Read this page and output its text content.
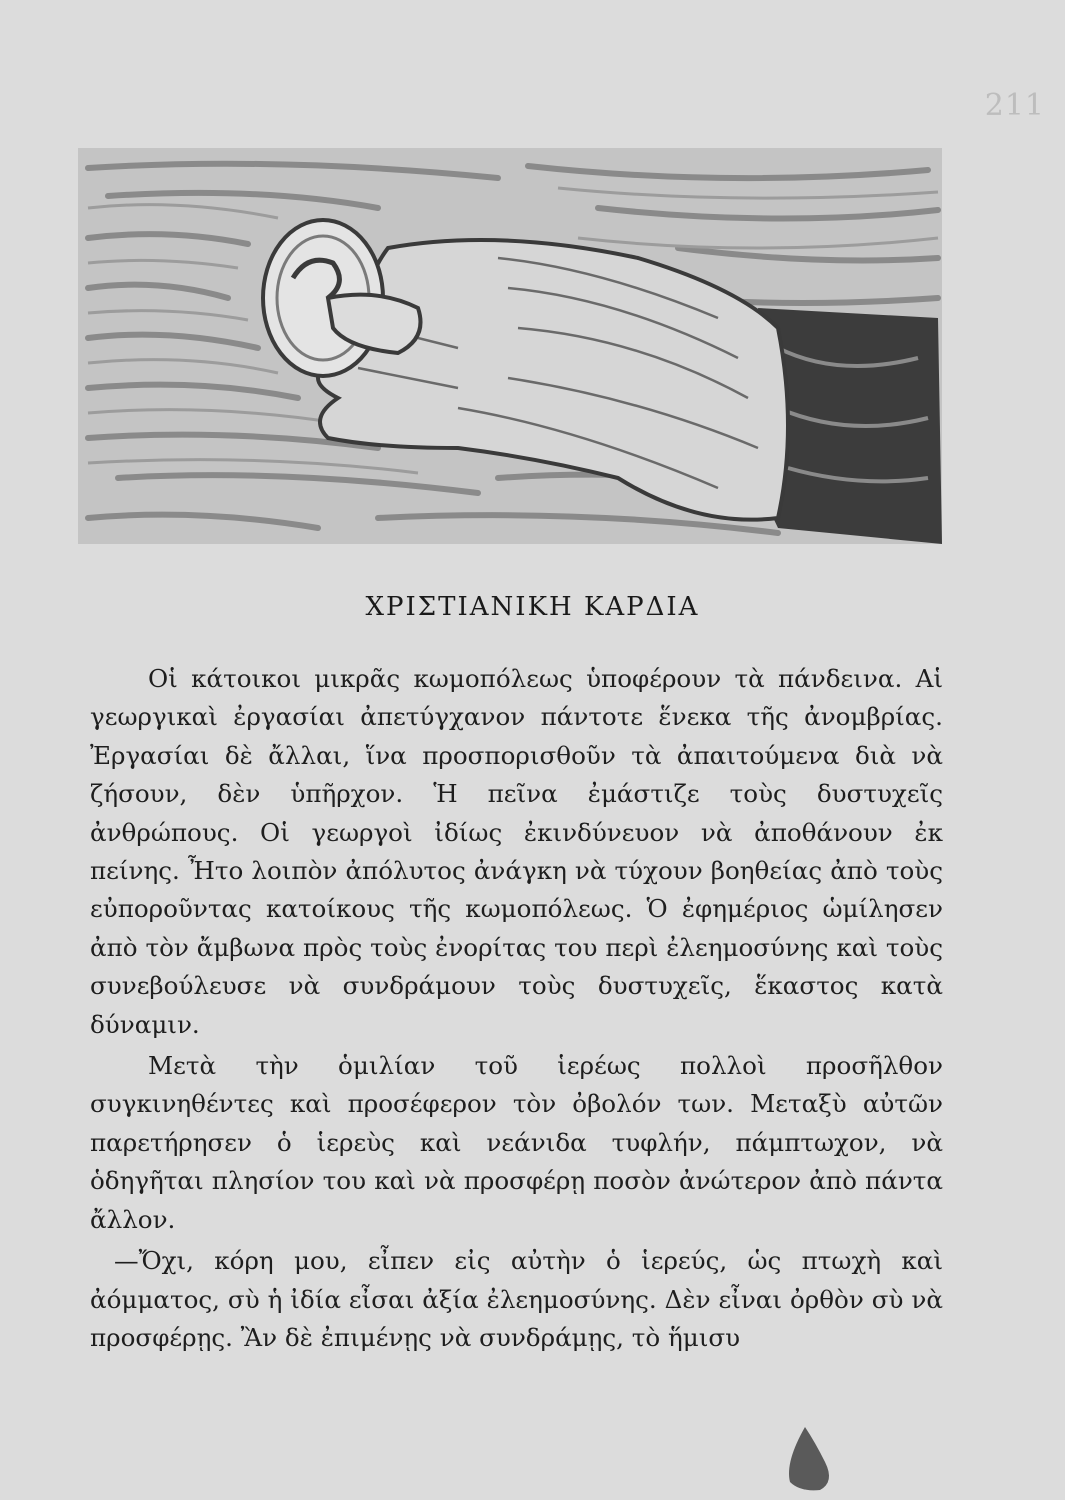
211
ΧΡΙΣΤΙΑΝΙΚΗ ΚΑΡΔΙΑ

Οἱ κάτοικοι μικρᾶς κωμοπόλεως ὑποφέρουν τὰ πάνδεινα. Αἱ γεωργικαὶ ἐργασίαι ἀπετύγχανον πάντοτε ἕνεκα τῆς ἀνομβρίας. Ἐργασίαι δὲ ἄλλαι, ἵνα προσπορισθοῦν τὰ ἀπαιτούμενα διὰ νὰ ζήσουν, δὲν ὑπῆρχον. Ἡ πεῖνα ἐμάστιζε τοὺς δυστυχεῖς ἀνθρώπους. Οἱ γεωργοὶ ἰδίως ἐκινδύνευον νὰ ἀποθάνουν ἐκ πείνης. Ἦτο λοιπὸν ἀπόλυτος ἀνάγκη νὰ τύχουν βοηθείας ἀπὸ τοὺς εὐποροῦντας κατοίκους τῆς κωμοπόλεως. Ὁ ἐφημέριος ὡμίλησεν ἀπὸ τὸν ἄμβωνα πρὸς τοὺς ἐνορίτας του περὶ ἐλεημοσύνης καὶ τοὺς συνεβούλευσε νὰ συνδράμουν τοὺς δυστυχεῖς, ἕκαστος κατὰ δύναμιν.

Μετὰ τὴν ὁμιλίαν τοῦ ἱερέως πολλοὶ προσῆλθον συγκινηθέντες καὶ προσέφερον τὸν ὀβολόν των. Μεταξὺ αὐτῶν παρετήρησεν ὁ ἱερεὺς καὶ νεάνιδα τυφλήν, πάμπτωχον, νὰ ὁδηγῆται πλησίον του καὶ νὰ προσφέρῃ ποσὸν ἀνώτερον ἀπὸ πάντα ἄλλον.

—Ὄχι, κόρη μου, εἶπεν εἰς αὐτὴν ὁ ἱερεύς, ὡς πτωχὴ καὶ ἀόμματος, σὺ ἡ ἰδία εἶσαι ἀξία ἐλεημοσύνης. Δὲν εἶναι ὀρθὸν σὺ νὰ προσφέρῃς. Ἂν δὲ ἐπιμένῃς νὰ συνδράμῃς, τὸ ἥμισυ
